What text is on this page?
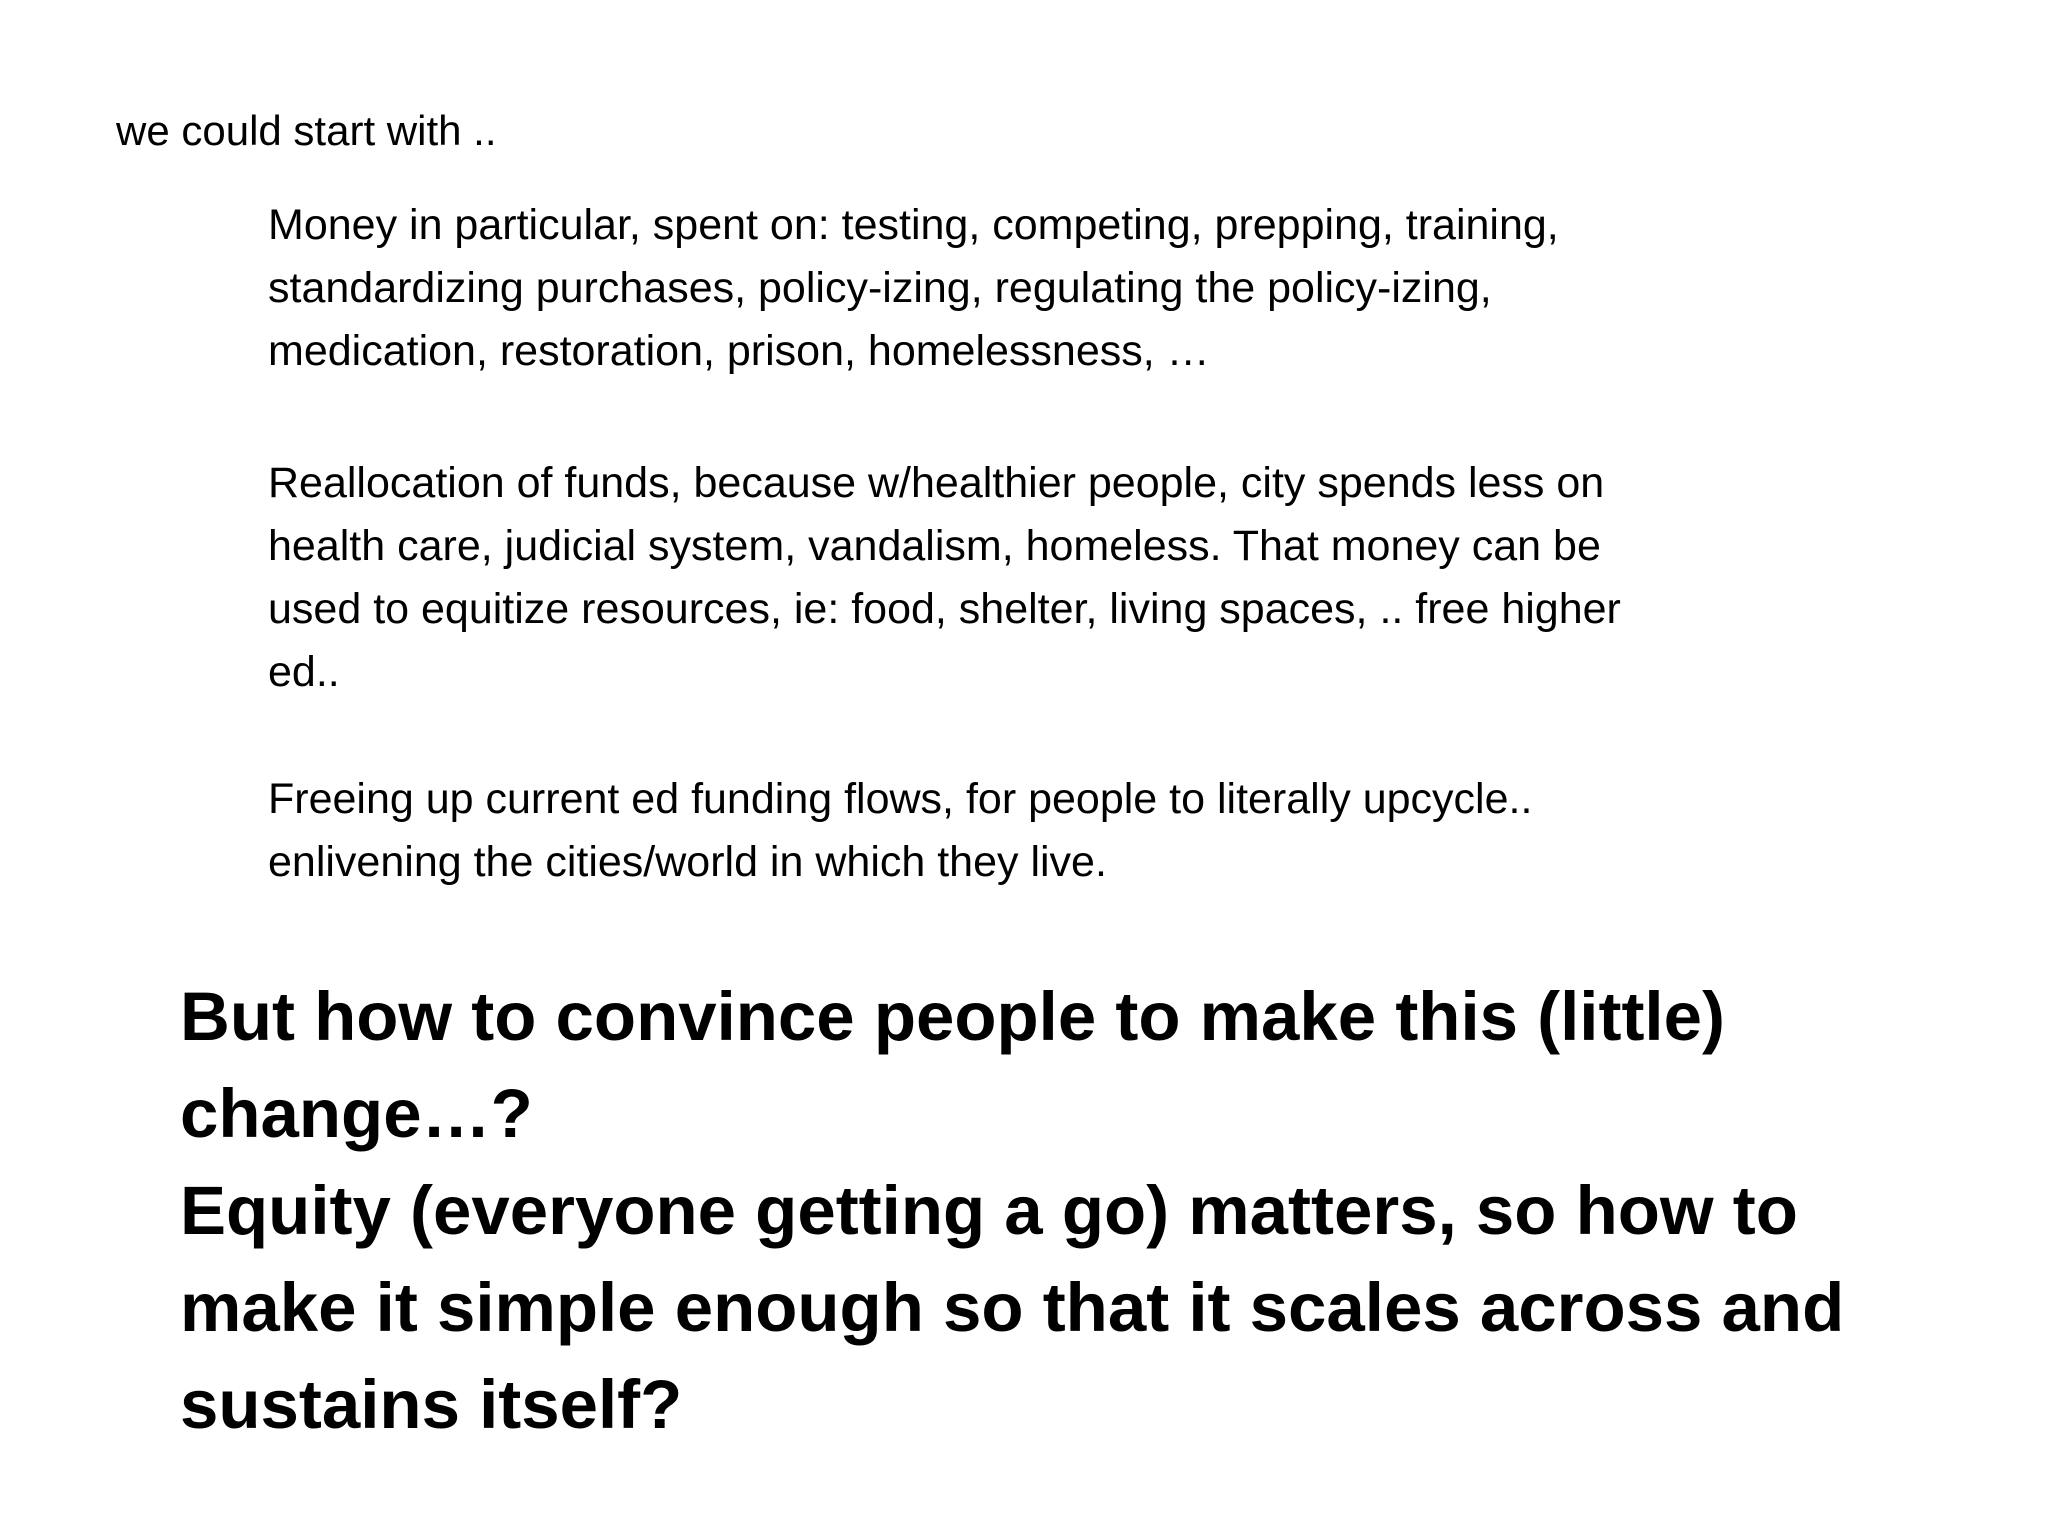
we could start with ..
Money in particular, spent on: testing, competing, prepping, training,
standardizing purchases, policy-izing, regulating the policy-izing,
medication, restoration, prison, homelessness, …
Reallocation of funds, because w/healthier people, city spends less on
health care, judicial system, vandalism, homeless. That money can be
used to equitize resources, ie: food, shelter, living spaces, .. free higher
ed..
Freeing up current ed funding flows, for people to literally upcycle..
enlivening the cities/world in which they live.
But how to convince people to make this (little)
change…?
Equity (everyone getting a go) matters, so how to
make it simple enough so that it scales across and
sustains itself?
